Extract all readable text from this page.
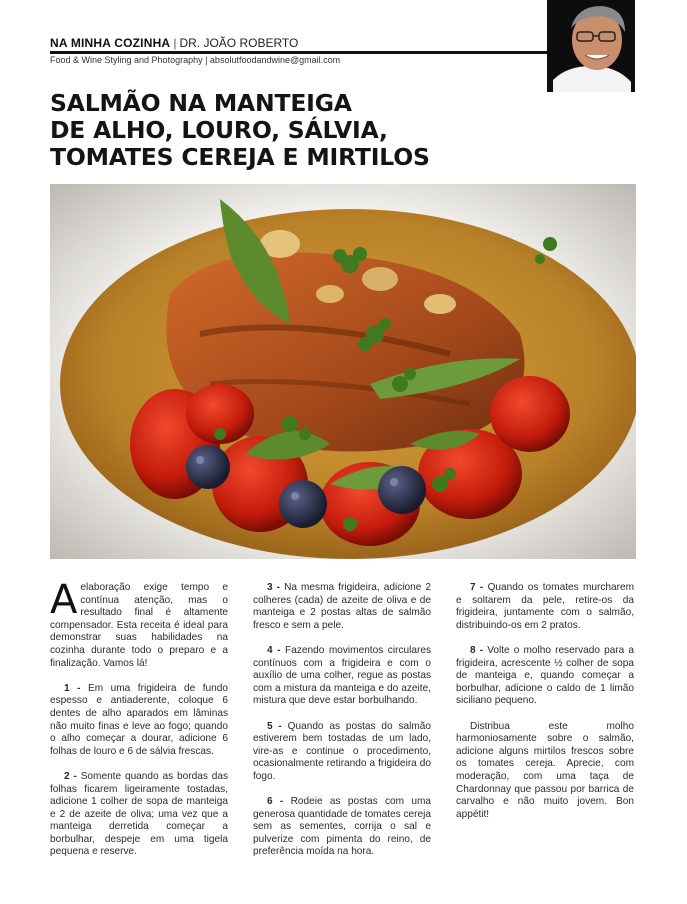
NA MINHA COZINHA | DR. JOÃO ROBERTO
Food & Wine Styling and Photography | absolutfoodandwine@gmail.com
SALMÃO NA MANTEIGA
DE ALHO, LOURO, SÁLVIA,
TOMATES CEREJA E MIRTILOS

Aelaboração exige tempo e contínua atenção, mas o resultado final é altamente compensador. Esta receita é ideal para demonstrar suas habilidades na cozinha durante todo o preparo e a finalização. Vamos lá!

1 - Em uma frigideira de fundo espesso e antiaderente, coloque 6 dentes de alho aparados em lâminas não muito finas e leve ao fogo; quando o alho começar a dourar, adicione 6 folhas de louro e 6 de sálvia frescas.

2 - Somente quando as bordas das folhas ficarem ligeiramente tostadas, adicione 1 colher de sopa de manteiga e 2 de azeite de oliva; uma vez que a manteiga derretida começar a borbulhar, despeje em uma tigela pequena e reserve.

3 - Na mesma frigideira, adicione 2 colheres (cada) de azeite de oliva e de manteiga e 2 postas altas de salmão fresco e sem a pele.

4 - Fazendo movimentos circulares contínuos com a frigideira e com o auxílio de uma colher, regue as postas com a mistura da manteiga e do azeite, mistura que deve estar borbulhando.

5 - Quando as postas do salmão estiverem bem tostadas de um lado, vire-as e continue o procedimento, ocasionalmente retirando a frigideira do fogo.

6 - Rodeie as postas com uma generosa quantidade de tomates cereja sem as sementes, corrija o sal e pulverize com pimenta do reino, de preferência moída na hora.

7 - Quando os tomates murcharem e soltarem da pele, retire-os da frigideira, juntamente com o salmão, distribuindo-os em 2 pratos.

8 - Volte o molho reservado para a frigideira, acrescente ½ colher de sopa de manteiga e, quando começar a borbulhar, adicione o caldo de 1 limão siciliano pequeno.

Distribua este molho harmoniosamente sobre o salmão, adicione alguns mirtilos frescos sobre os tomates cereja. Aprecie, com moderação, com uma taça de Chardonnay que passou por barrica de carvalho e não muito jovem. Bon appétit!
